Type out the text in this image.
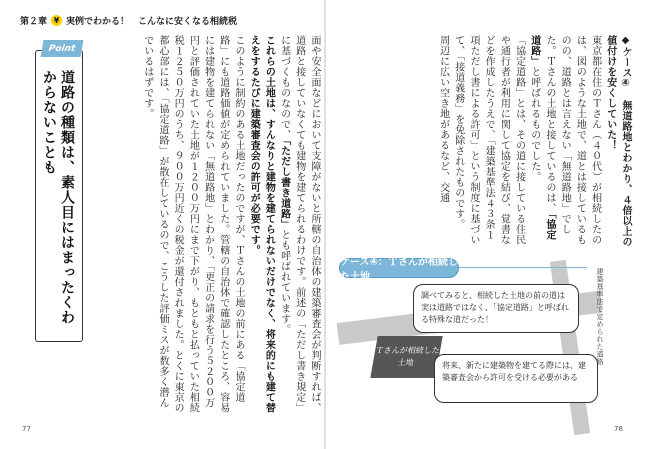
第２章 ¥ 実例でわかる！　こんなに安くなる相続税
Point
道路の種類は、素人目にはまったくわからないことも	面や安全面などにおいて支障がないと所轄の自治体の建築審査会が判断すれば、道路と接していなくても建物を建てられるわけです。前述の「ただし書き規定」に基づくものなので、「ただし書き道路」とも呼ばれています。
これらの土地は、すんなりと建物を建てられないだけでなく、将来的にも建て替えをするたびに建築審査会の許可が必要です。
このように制約のある土地だったのですが、Ｔさんの土地の前にある「協定道路」にも道路価値が定められていました。管轄の自治体で確認したところ、容易には建物を建てられない「無道路地」とわかり、「更正の請求を行う５２００万円と評価されていた土地が１２００万円にまで下がり、もともと払っていた相続税１２５０万円のうち、９００万円近くの税金が還付されました。とくに東京の都心部には、「協定道路」が散在しているので、こうした評価ミスが数多く潜んでいるはずです。
77
◆ケース④　無道路地とわかり、４倍以上の値付けを安くしていた！
東京都在住のＴさん（４０代）が相続したのは、図のような土地で、道とは接しているものの、道路とは言えない「無道路地」でした。Ｔさんの土地と接しているのは、「協定道路」と呼ばれるものでした。
「協定道路」とは、その道に接している住民や通行者が利用に関して協定を結び、覚書などを作成したうえで、「建築基準法４３条１項ただし書による許可」という制度に基づいて、「接道義務」を免除されたものです。
周辺に広い空き地があるなど、交通
ケース④：Ｔさんが相続した土地
調べてみると、相続した土地の前の道は実は道路ではなく、「協定道路」と呼ばれる特殊な道だった！
Ｔさんが相続した土地	将来、新たに建築物を建てる際には、建築審査会から許可を受ける必要がある
建築基準法で定められた道路
78
